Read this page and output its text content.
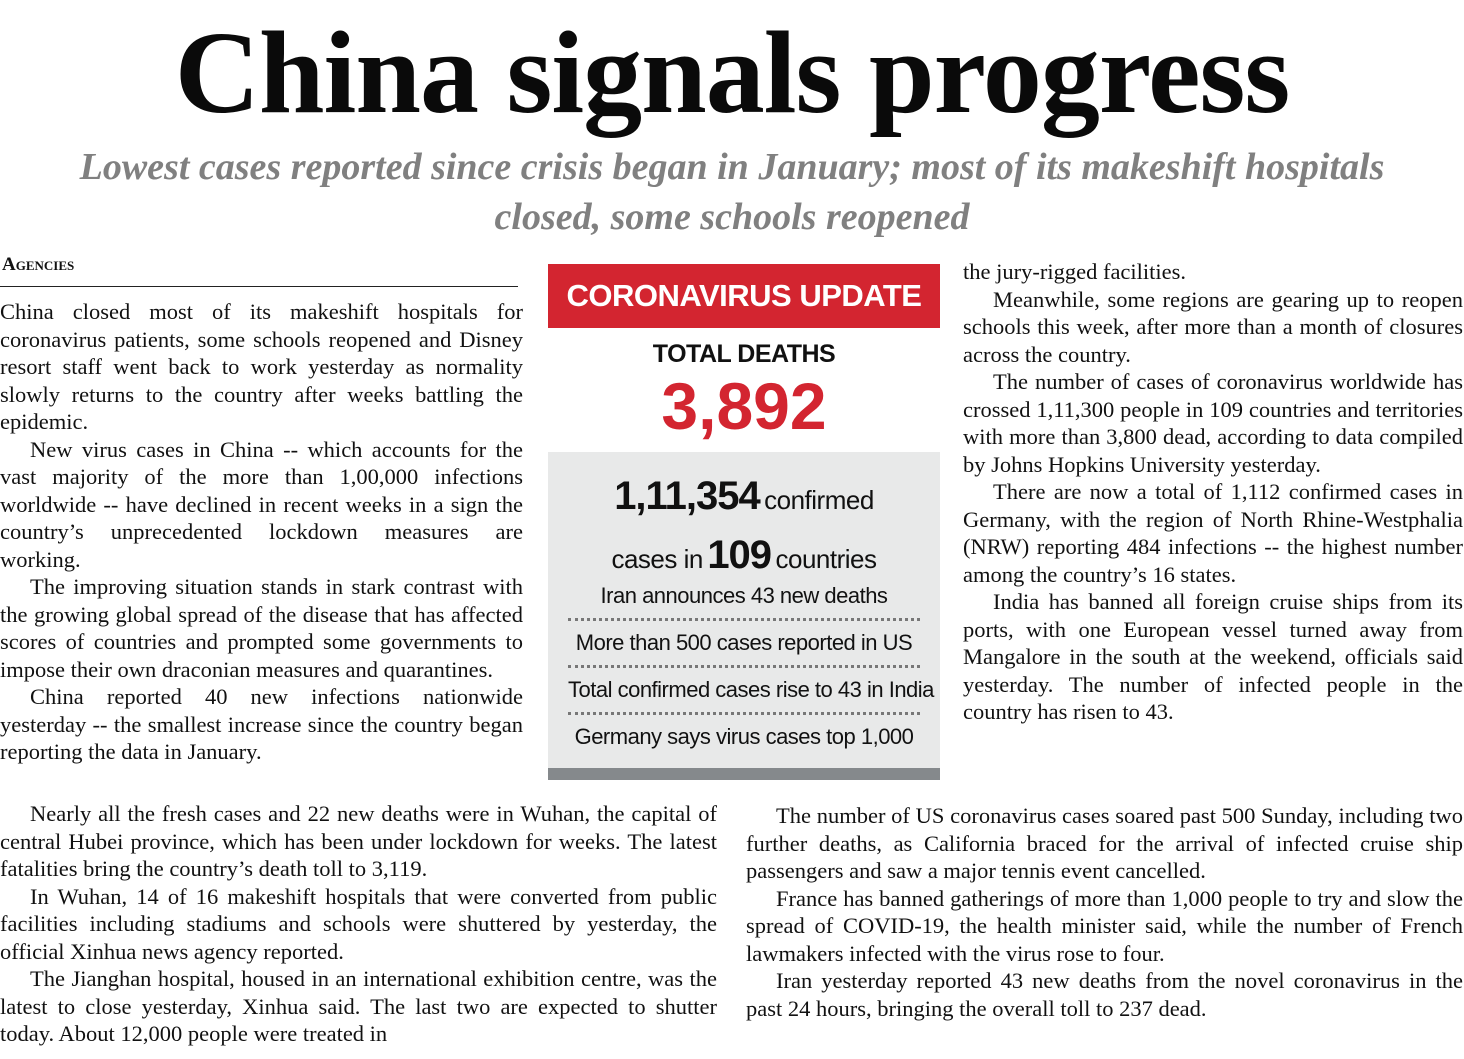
China signals progress

Lowest cases reported since crisis began in January; most of its makeshift hospitals closed, some schools reopened

Agencies

China closed most of its makeshift hospitals for coronavirus patients, some schools reopened and Disney resort staff went back to work yesterday as normality slowly returns to the country after weeks battling the epidemic.

New virus cases in China -- which accounts for the vast majority of the more than 1,00,000 infections worldwide -- have declined in recent weeks in a sign the country’s unprecedented lockdown measures are working.

The improving situation stands in stark contrast with the growing global spread of the disease that has affected scores of countries and prompted some governments to impose their own draconian measures and quarantines.

China reported 40 new infections nationwide yesterday -- the smallest increase since the country began reporting the data in January.

CORONAVIRUS UPDATE
TOTAL DEATHS
3,892
1,11,354 confirmed
cases in 109 countries
Iran announces 43 new deaths
More than 500 cases reported in US
Total confirmed cases rise to 43 in India
Germany says virus cases top 1,000

the jury-rigged facilities.

Meanwhile, some regions are gearing up to reopen schools this week, after more than a month of closures across the country.

The number of cases of coronavirus worldwide has crossed 1,11,300 people in 109 countries and territories with more than 3,800 dead, according to data compiled by Johns Hopkins University yesterday.

There are now a total of 1,112 confirmed cases in Germany, with the region of North Rhine-Westphalia (NRW) reporting 484 infections -- the highest number among the country’s 16 states.

India has banned all foreign cruise ships from its ports, with one European vessel turned away from Mangalore in the south at the weekend, officials said yesterday. The number of infected people in the country has risen to 43.

Nearly all the fresh cases and 22 new deaths were in Wuhan, the capital of central Hubei province, which has been under lockdown for weeks. The latest fatalities bring the country’s death toll to 3,119.

In Wuhan, 14 of 16 makeshift hospitals that were converted from public facilities including stadiums and schools were shuttered by yesterday, the official Xinhua news agency reported.

The Jianghan hospital, housed in an international exhibition centre, was the latest to close yesterday, Xinhua said. The last two are expected to shutter today. About 12,000 people were treated in

The number of US coronavirus cases soared past 500 Sunday, including two further deaths, as California braced for the arrival of infected cruise ship passengers and saw a major tennis event cancelled.

France has banned gatherings of more than 1,000 people to try and slow the spread of COVID-19, the health minister said, while the number of French lawmakers infected with the virus rose to four.

Iran yesterday reported 43 new deaths from the novel coronavirus in the past 24 hours, bringing the overall toll to 237 dead.
